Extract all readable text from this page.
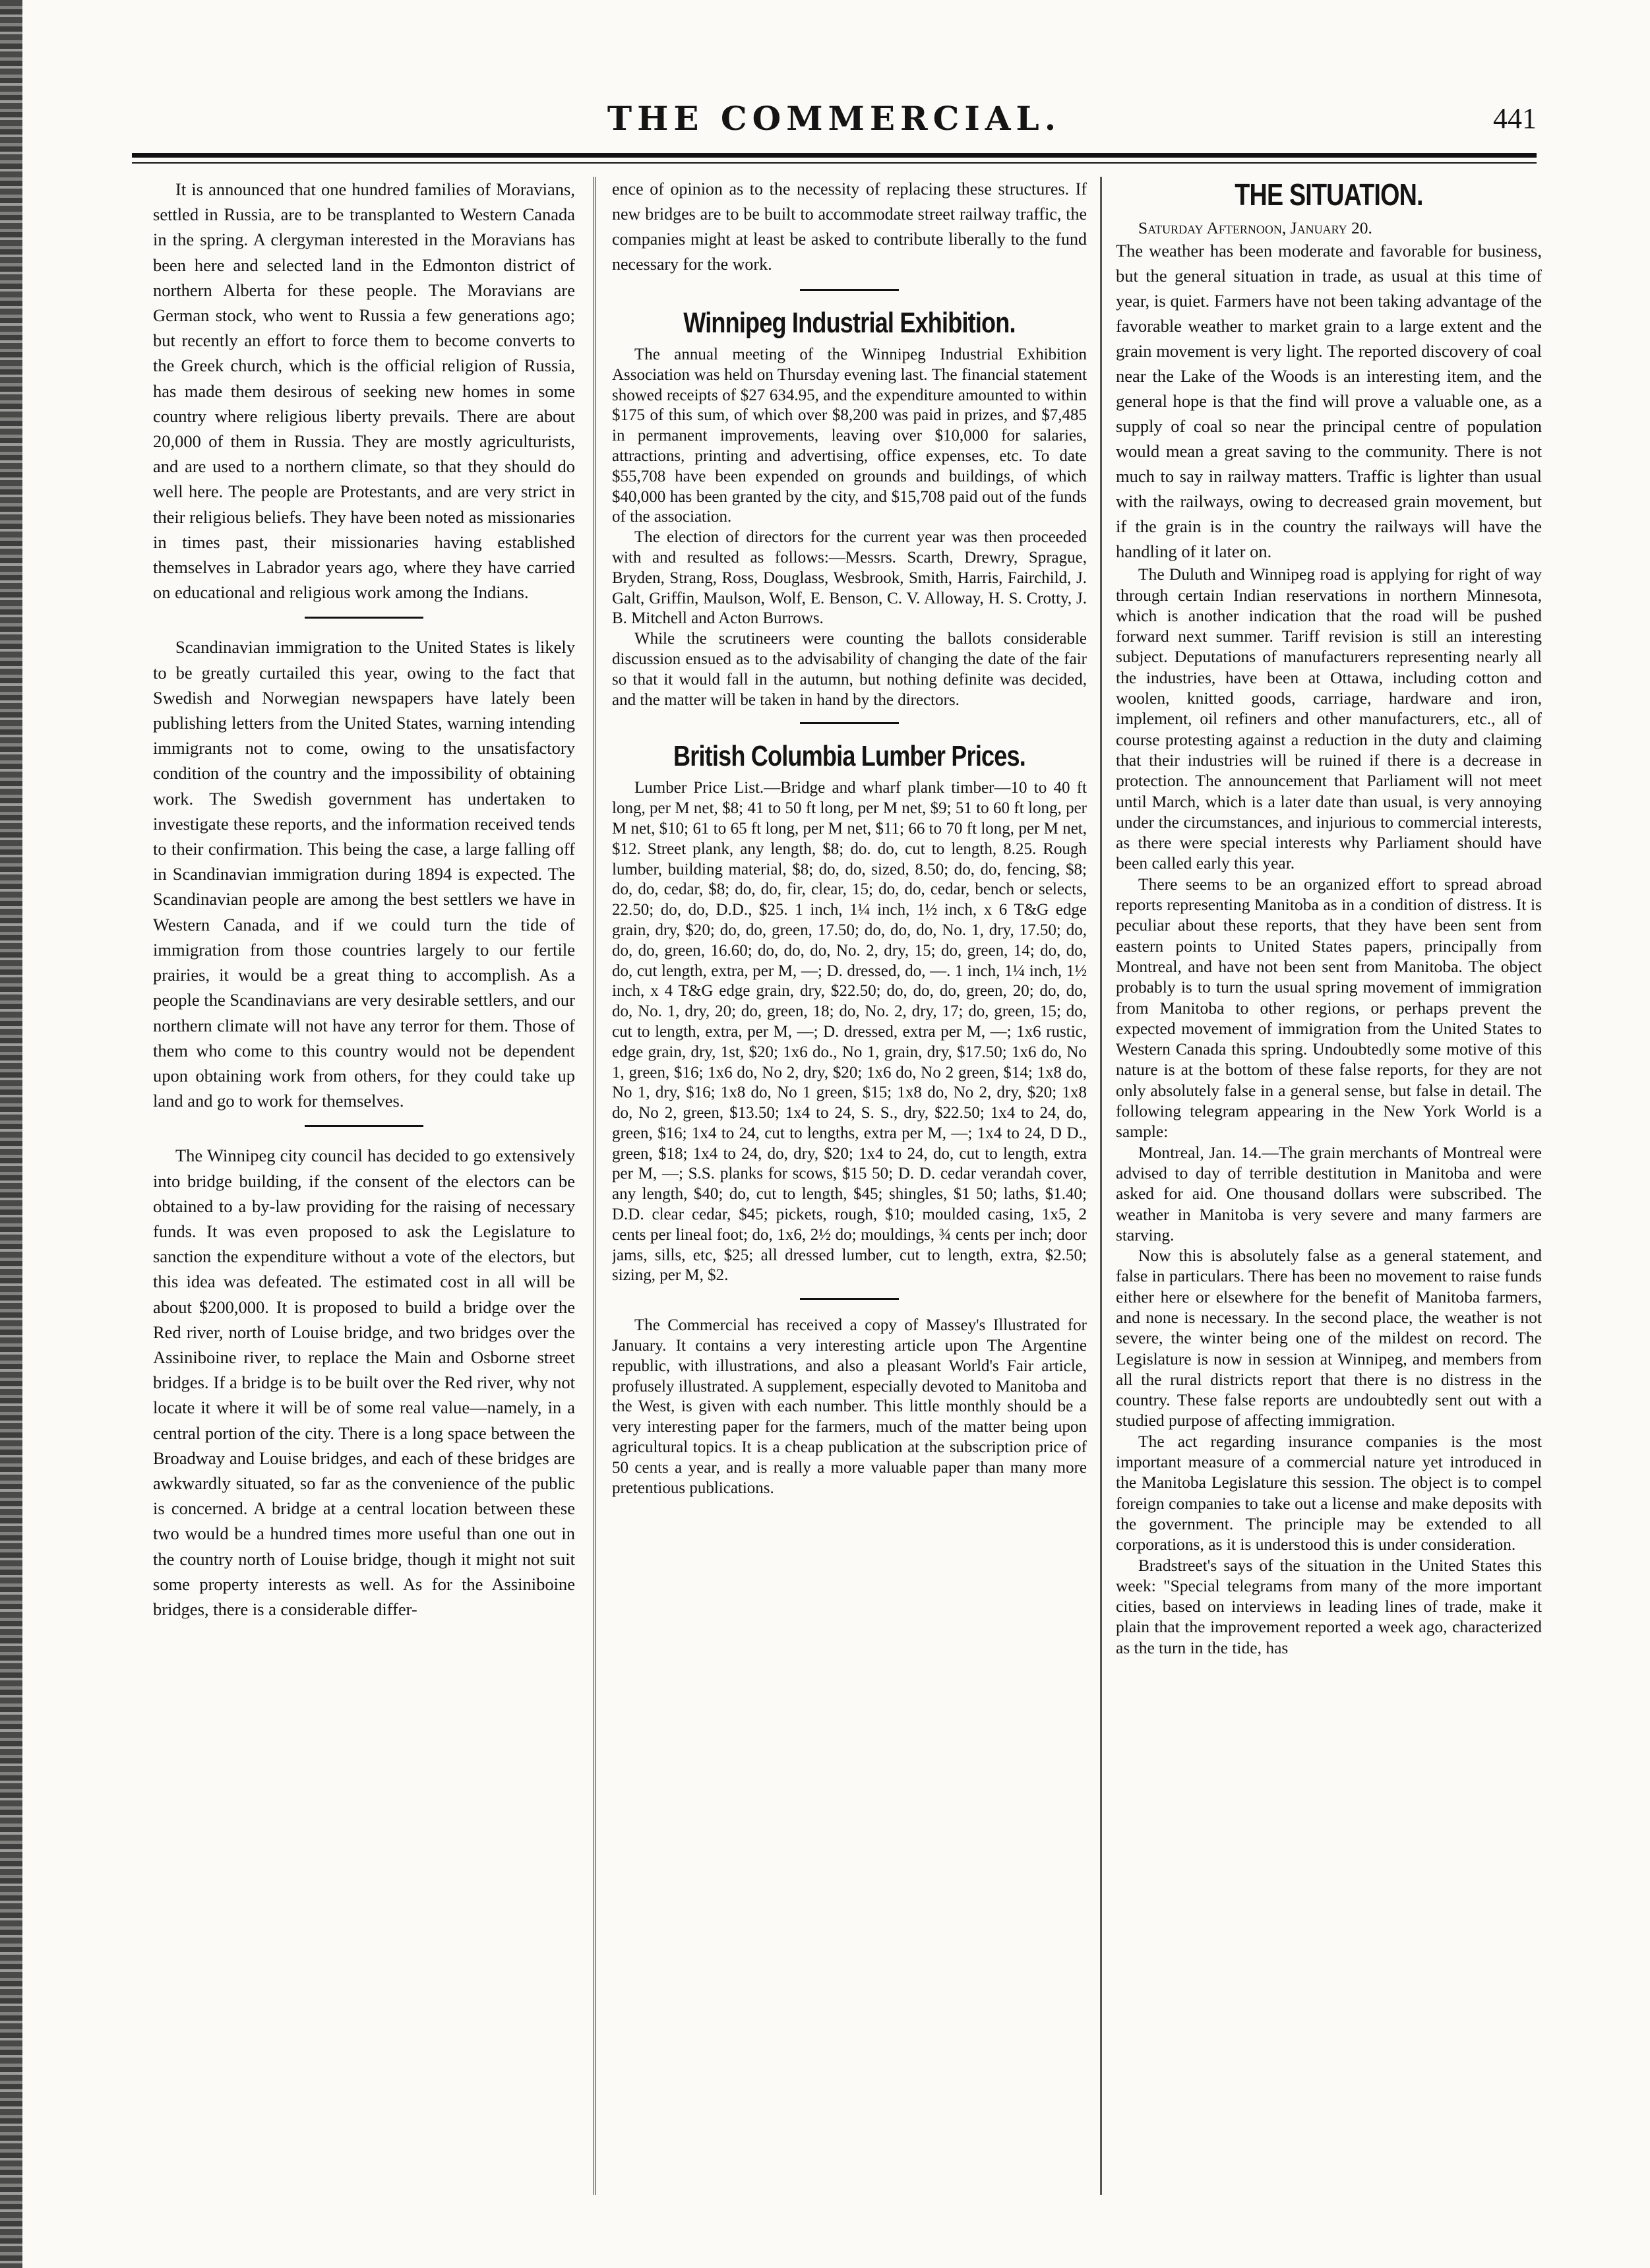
THE COMMERCIAL.	441

It is announced that one hundred families of Moravians, settled in Russia, are to be transplanted to Western Canada in the spring. A clergyman interested in the Moravians has been here and selected land in the Edmonton district of northern Alberta for these people. The Moravians are German stock, who went to Russia a few generations ago; but recently an effort to force them to become converts to the Greek church, which is the official religion of Russia, has made them desirous of seeking new homes in some country where religious liberty prevails. There are about 20,000 of them in Russia. They are mostly agriculturists, and are used to a northern climate, so that they should do well here. The people are Protestants, and are very strict in their religious beliefs. They have been noted as missionaries in times past, their missionaries having established themselves in Labrador years ago, where they have carried on educational and religious work among the Indians.

Scandinavian immigration to the United States is likely to be greatly curtailed this year, owing to the fact that Swedish and Norwegian newspapers have lately been publishing letters from the United States, warning intending immigrants not to come, owing to the unsatisfactory condition of the country and the impossibility of obtaining work. The Swedish government has undertaken to investigate these reports, and the information received tends to their confirmation. This being the case, a large falling off in Scandinavian immigration during 1894 is expected. The Scandinavian people are among the best settlers we have in Western Canada, and if we could turn the tide of immigration from those countries largely to our fertile prairies, it would be a great thing to accomplish. As a people the Scandinavians are very desirable settlers, and our northern climate will not have any terror for them. Those of them who come to this country would not be dependent upon obtaining work from others, for they could take up land and go to work for themselves.

The Winnipeg city council has decided to go extensively into bridge building, if the consent of the electors can be obtained to a by-law providing for the raising of necessary funds. It was even proposed to ask the Legislature to sanction the expenditure without a vote of the electors, but this idea was defeated. The estimated cost in all will be about $200,000. It is proposed to build a bridge over the Red river, north of Louise bridge, and two bridges over the Assiniboine river, to replace the Main and Osborne street bridges. If a bridge is to be built over the Red river, why not locate it where it will be of some real value—namely, in a central portion of the city. There is a long space between the Broadway and Louise bridges, and each of these bridges are awkwardly situated, so far as the convenience of the public is concerned. A bridge at a central location between these two would be a hundred times more useful than one out in the country north of Louise bridge, though it might not suit some property interests as well. As for the Assiniboine bridges, there is a considerable differ-

ence of opinion as to the necessity of replacing these structures. If new bridges are to be built to accommodate street railway traffic, the companies might at least be asked to contribute liberally to the fund necessary for the work.

Winnipeg Industrial Exhibition.

The annual meeting of the Winnipeg Industrial Exhibition Association was held on Thursday evening last. The financial statement showed receipts of $27 634.95, and the expenditure amounted to within $175 of this sum, of which over $8,200 was paid in prizes, and $7,485 in permanent improvements, leaving over $10,000 for salaries, attractions, printing and advertising, office expenses, etc. To date $55,708 have been expended on grounds and buildings, of which $40,000 has been granted by the city, and $15,708 paid out of the funds of the association.

The election of directors for the current year was then proceeded with and resulted as follows:—Messrs. Scarth, Drewry, Sprague, Bryden, Strang, Ross, Douglass, Wesbrook, Smith, Harris, Fairchild, J. Galt, Griffin, Maulson, Wolf, E. Benson, C. V. Alloway, H. S. Crotty, J. B. Mitchell and Acton Burrows.

While the scrutineers were counting the ballots considerable discussion ensued as to the advisability of changing the date of the fair so that it would fall in the autumn, but nothing definite was decided, and the matter will be taken in hand by the directors.

British Columbia Lumber Prices.

Lumber Price List.—Bridge and wharf plank timber—10 to 40 ft long, per M net, $8; 41 to 50 ft long, per M net, $9; 51 to 60 ft long, per M net, $10; 61 to 65 ft long, per M net, $11; 66 to 70 ft long, per M net, $12. Street plank, any length, $8; do. do, cut to length, 8.25. Rough lumber, building material, $8; do, do, sized, 8.50; do, do, fencing, $8; do, do, cedar, $8; do, do, fir, clear, 15; do, do, cedar, bench or selects, 22.50; do, do, D.D., $25. 1 inch, 1¼ inch, 1½ inch, x 6 T&G edge grain, dry, $20; do, do, green, 17.50; do, do, do, No. 1, dry, 17.50; do, do, do, green, 16.60; do, do, do, No. 2, dry, 15; do, green, 14; do, do, do, cut length, extra, per M, —; D. dressed, do, —. 1 inch, 1¼ inch, 1½ inch, x 4 T&G edge grain, dry, $22.50; do, do, do, green, 20; do, do, do, No. 1, dry, 20; do, green, 18; do, No. 2, dry, 17; do, green, 15; do, cut to length, extra, per M, —; D. dressed, extra per M, —; 1x6 rustic, edge grain, dry, 1st, $20; 1x6 do., No 1, grain, dry, $17.50; 1x6 do, No 1, green, $16; 1x6 do, No 2, dry, $20; 1x6 do, No 2 green, $14; 1x8 do, No 1, dry, $16; 1x8 do, No 1 green, $15; 1x8 do, No 2, dry, $20; 1x8 do, No 2, green, $13.50; 1x4 to 24, S. S., dry, $22.50; 1x4 to 24, do, green, $16; 1x4 to 24, cut to lengths, extra per M, —; 1x4 to 24, D D., green, $18; 1x4 to 24, do, dry, $20; 1x4 to 24, do, cut to length, extra per M, —; S.S. planks for scows, $15 50; D. D. cedar verandah cover, any length, $40; do, cut to length, $45; shingles, $1 50; laths, $1.40; D.D. clear cedar, $45; pickets, rough, $10; moulded casing, 1x5, 2 cents per lineal foot; do, 1x6, 2½ do; mouldings, ¾ cents per inch; door jams, sills, etc, $25; all dressed lumber, cut to length, extra, $2.50; sizing, per M, $2.

The Commercial has received a copy of Massey's Illustrated for January. It contains a very interesting article upon The Argentine republic, with illustrations, and also a pleasant World's Fair article, profusely illustrated. A supplement, especially devoted to Manitoba and the West, is given with each number. This little monthly should be a very interesting paper for the farmers, much of the matter being upon agricultural topics. It is a cheap publication at the subscription price of 50 cents a year, and is really a more valuable paper than many more pretentious publications.

THE SITUATION.

Saturday Afternoon, January 20.

The weather has been moderate and favorable for business, but the general situation in trade, as usual at this time of year, is quiet. Farmers have not been taking advantage of the favorable weather to market grain to a large extent and the grain movement is very light. The reported discovery of coal near the Lake of the Woods is an interesting item, and the general hope is that the find will prove a valuable one, as a supply of coal so near the principal centre of population would mean a great saving to the community. There is not much to say in railway matters. Traffic is lighter than usual with the railways, owing to decreased grain movement, but if the grain is in the country the railways will have the handling of it later on.

The Duluth and Winnipeg road is applying for right of way through certain Indian reservations in northern Minnesota, which is another indication that the road will be pushed forward next summer. Tariff revision is still an interesting subject. Deputations of manufacturers representing nearly all the industries, have been at Ottawa, including cotton and woolen, knitted goods, carriage, hardware and iron, implement, oil refiners and other manufacturers, etc., all of course protesting against a reduction in the duty and claiming that their industries will be ruined if there is a decrease in protection. The announcement that Parliament will not meet until March, which is a later date than usual, is very annoying under the circumstances, and injurious to commercial interests, as there were special interests why Parliament should have been called early this year.

There seems to be an organized effort to spread abroad reports representing Manitoba as in a condition of distress. It is peculiar about these reports, that they have been sent from eastern points to United States papers, principally from Montreal, and have not been sent from Manitoba. The object probably is to turn the usual spring movement of immigration from Manitoba to other regions, or perhaps prevent the expected movement of immigration from the United States to Western Canada this spring. Undoubtedly some motive of this nature is at the bottom of these false reports, for they are not only absolutely false in a general sense, but false in detail. The following telegram appearing in the New York World is a sample:

Montreal, Jan. 14.—The grain merchants of Montreal were advised to day of terrible destitution in Manitoba and were asked for aid. One thousand dollars were subscribed. The weather in Manitoba is very severe and many farmers are starving.

Now this is absolutely false as a general statement, and false in particulars. There has been no movement to raise funds either here or elsewhere for the benefit of Manitoba farmers, and none is necessary. In the second place, the weather is not severe, the winter being one of the mildest on record. The Legislature is now in session at Winnipeg, and members from all the rural districts report that there is no distress in the country. These false reports are undoubtedly sent out with a studied purpose of affecting immigration.

The act regarding insurance companies is the most important measure of a commercial nature yet introduced in the Manitoba Legislature this session. The object is to compel foreign companies to take out a license and make deposits with the government. The principle may be extended to all corporations, as it is understood this is under consideration.

Bradstreet's says of the situation in the United States this week: "Special telegrams from many of the more important cities, based on interviews in leading lines of trade, make it plain that the improvement reported a week ago, characterized as the turn in the tide, has
